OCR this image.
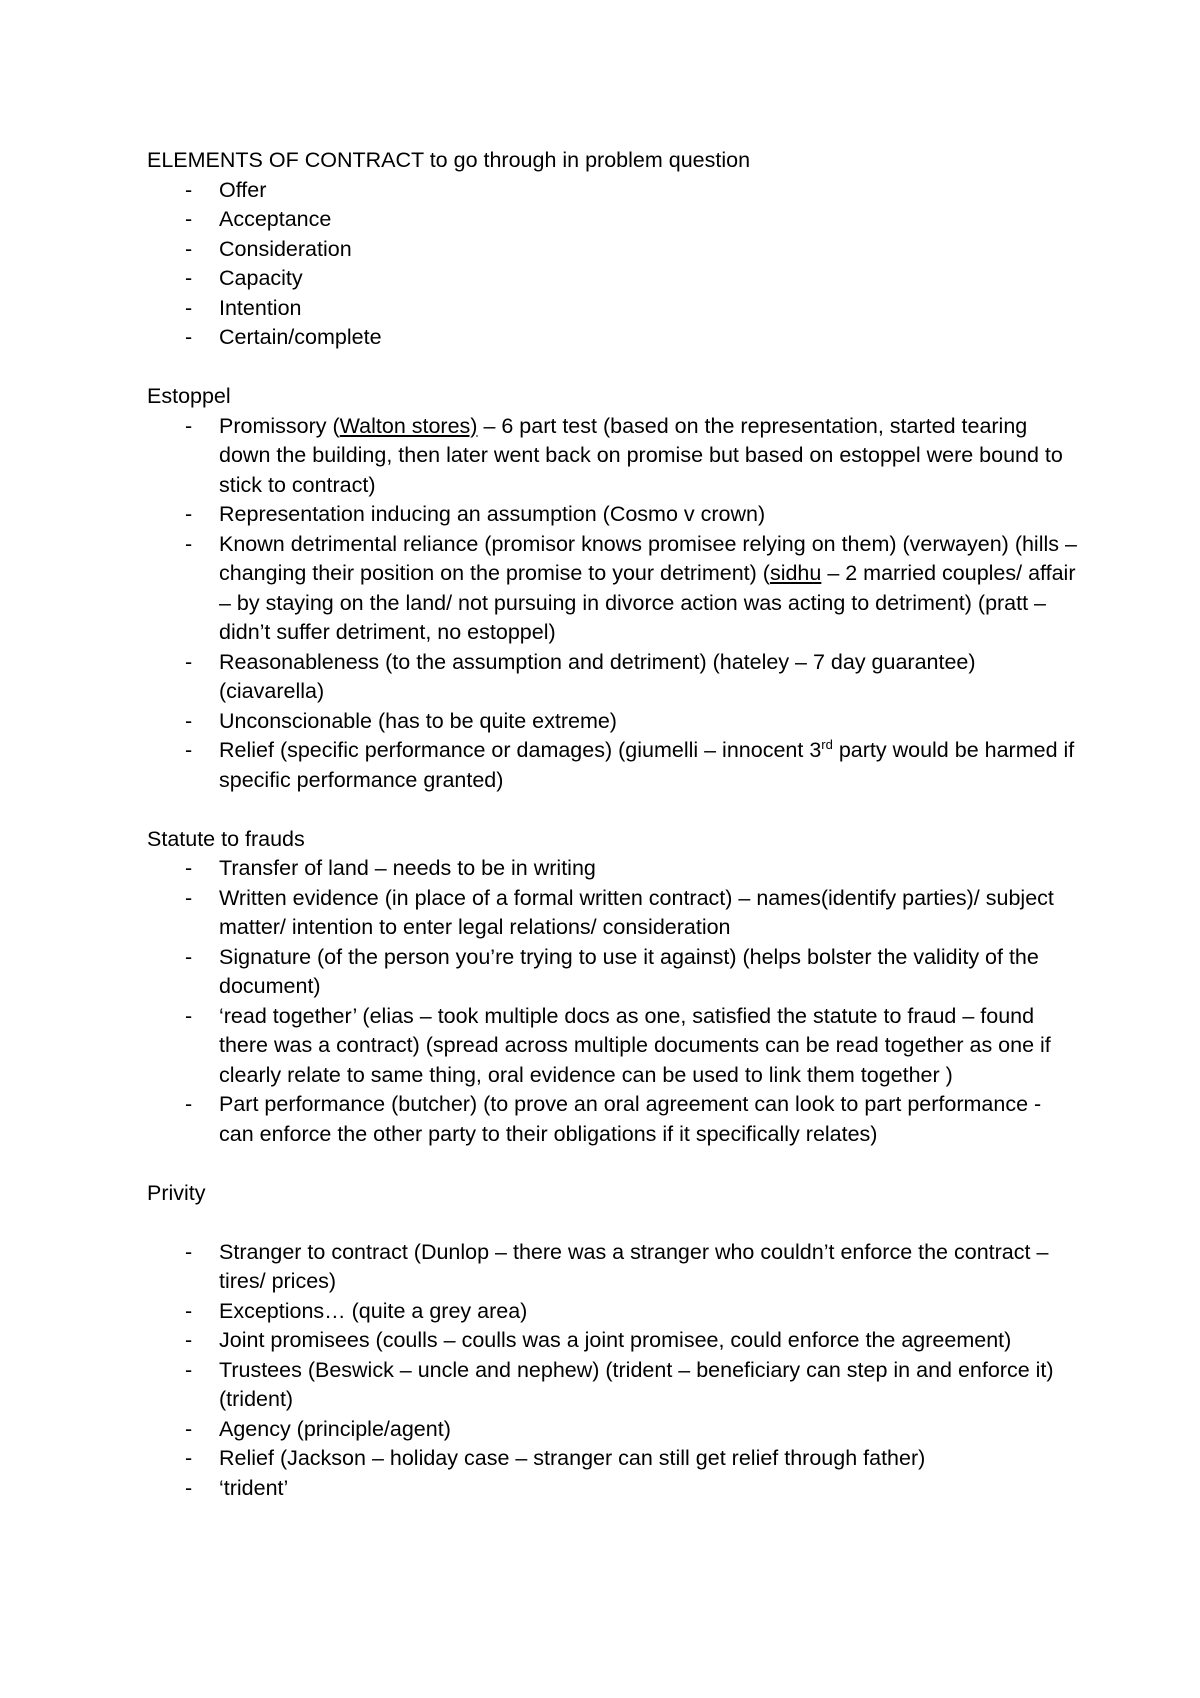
ELEMENTS OF CONTRACT to go through in problem question

- Offer
- Acceptance
- Consideration
- Capacity
- Intention
- Certain/complete

Estoppel

- Promissory (Walton stores) – 6 part test (based on the representation, started tearing down the building, then later went back on promise but based on estoppel were bound to stick to contract)
- Representation inducing an assumption (Cosmo v crown)
- Known detrimental reliance (promisor knows promisee relying on them) (verwayen) (hills – changing their position on the promise to your detriment) (sidhu – 2 married couples/ affair – by staying on the land/ not pursuing in divorce action was acting to detriment) (pratt – didn’t suffer detriment, no estoppel)
- Reasonableness (to the assumption and detriment) (hateley – 7 day guarantee) (ciavarella)
- Unconscionable (has to be quite extreme)
- Relief (specific performance or damages) (giumelli – innocent 3rd party would be harmed if specific performance granted)

Statute to frauds

- Transfer of land – needs to be in writing
- Written evidence (in place of a formal written contract) – names(identify parties)/ subject matter/ intention to enter legal relations/ consideration
- Signature (of the person you’re trying to use it against) (helps bolster the validity of the document)
- ‘read together’ (elias – took multiple docs as one, satisfied the statute to fraud – found there was a contract) (spread across multiple documents can be read together as one if clearly relate to same thing, oral evidence can be used to link them together )
- Part performance (butcher) (to prove an oral agreement can look to part performance - can enforce the other party to their obligations if it specifically relates)

Privity

- Stranger to contract (Dunlop – there was a stranger who couldn’t enforce the contract – tires/ prices)
- Exceptions… (quite a grey area)
- Joint promisees (coulls – coulls was a joint promisee, could enforce the agreement)
- Trustees (Beswick – uncle and nephew) (trident – beneficiary can step in and enforce it) (trident)
- Agency (principle/agent)
- Relief (Jackson – holiday case – stranger can still get relief through father)
- ‘trident’
